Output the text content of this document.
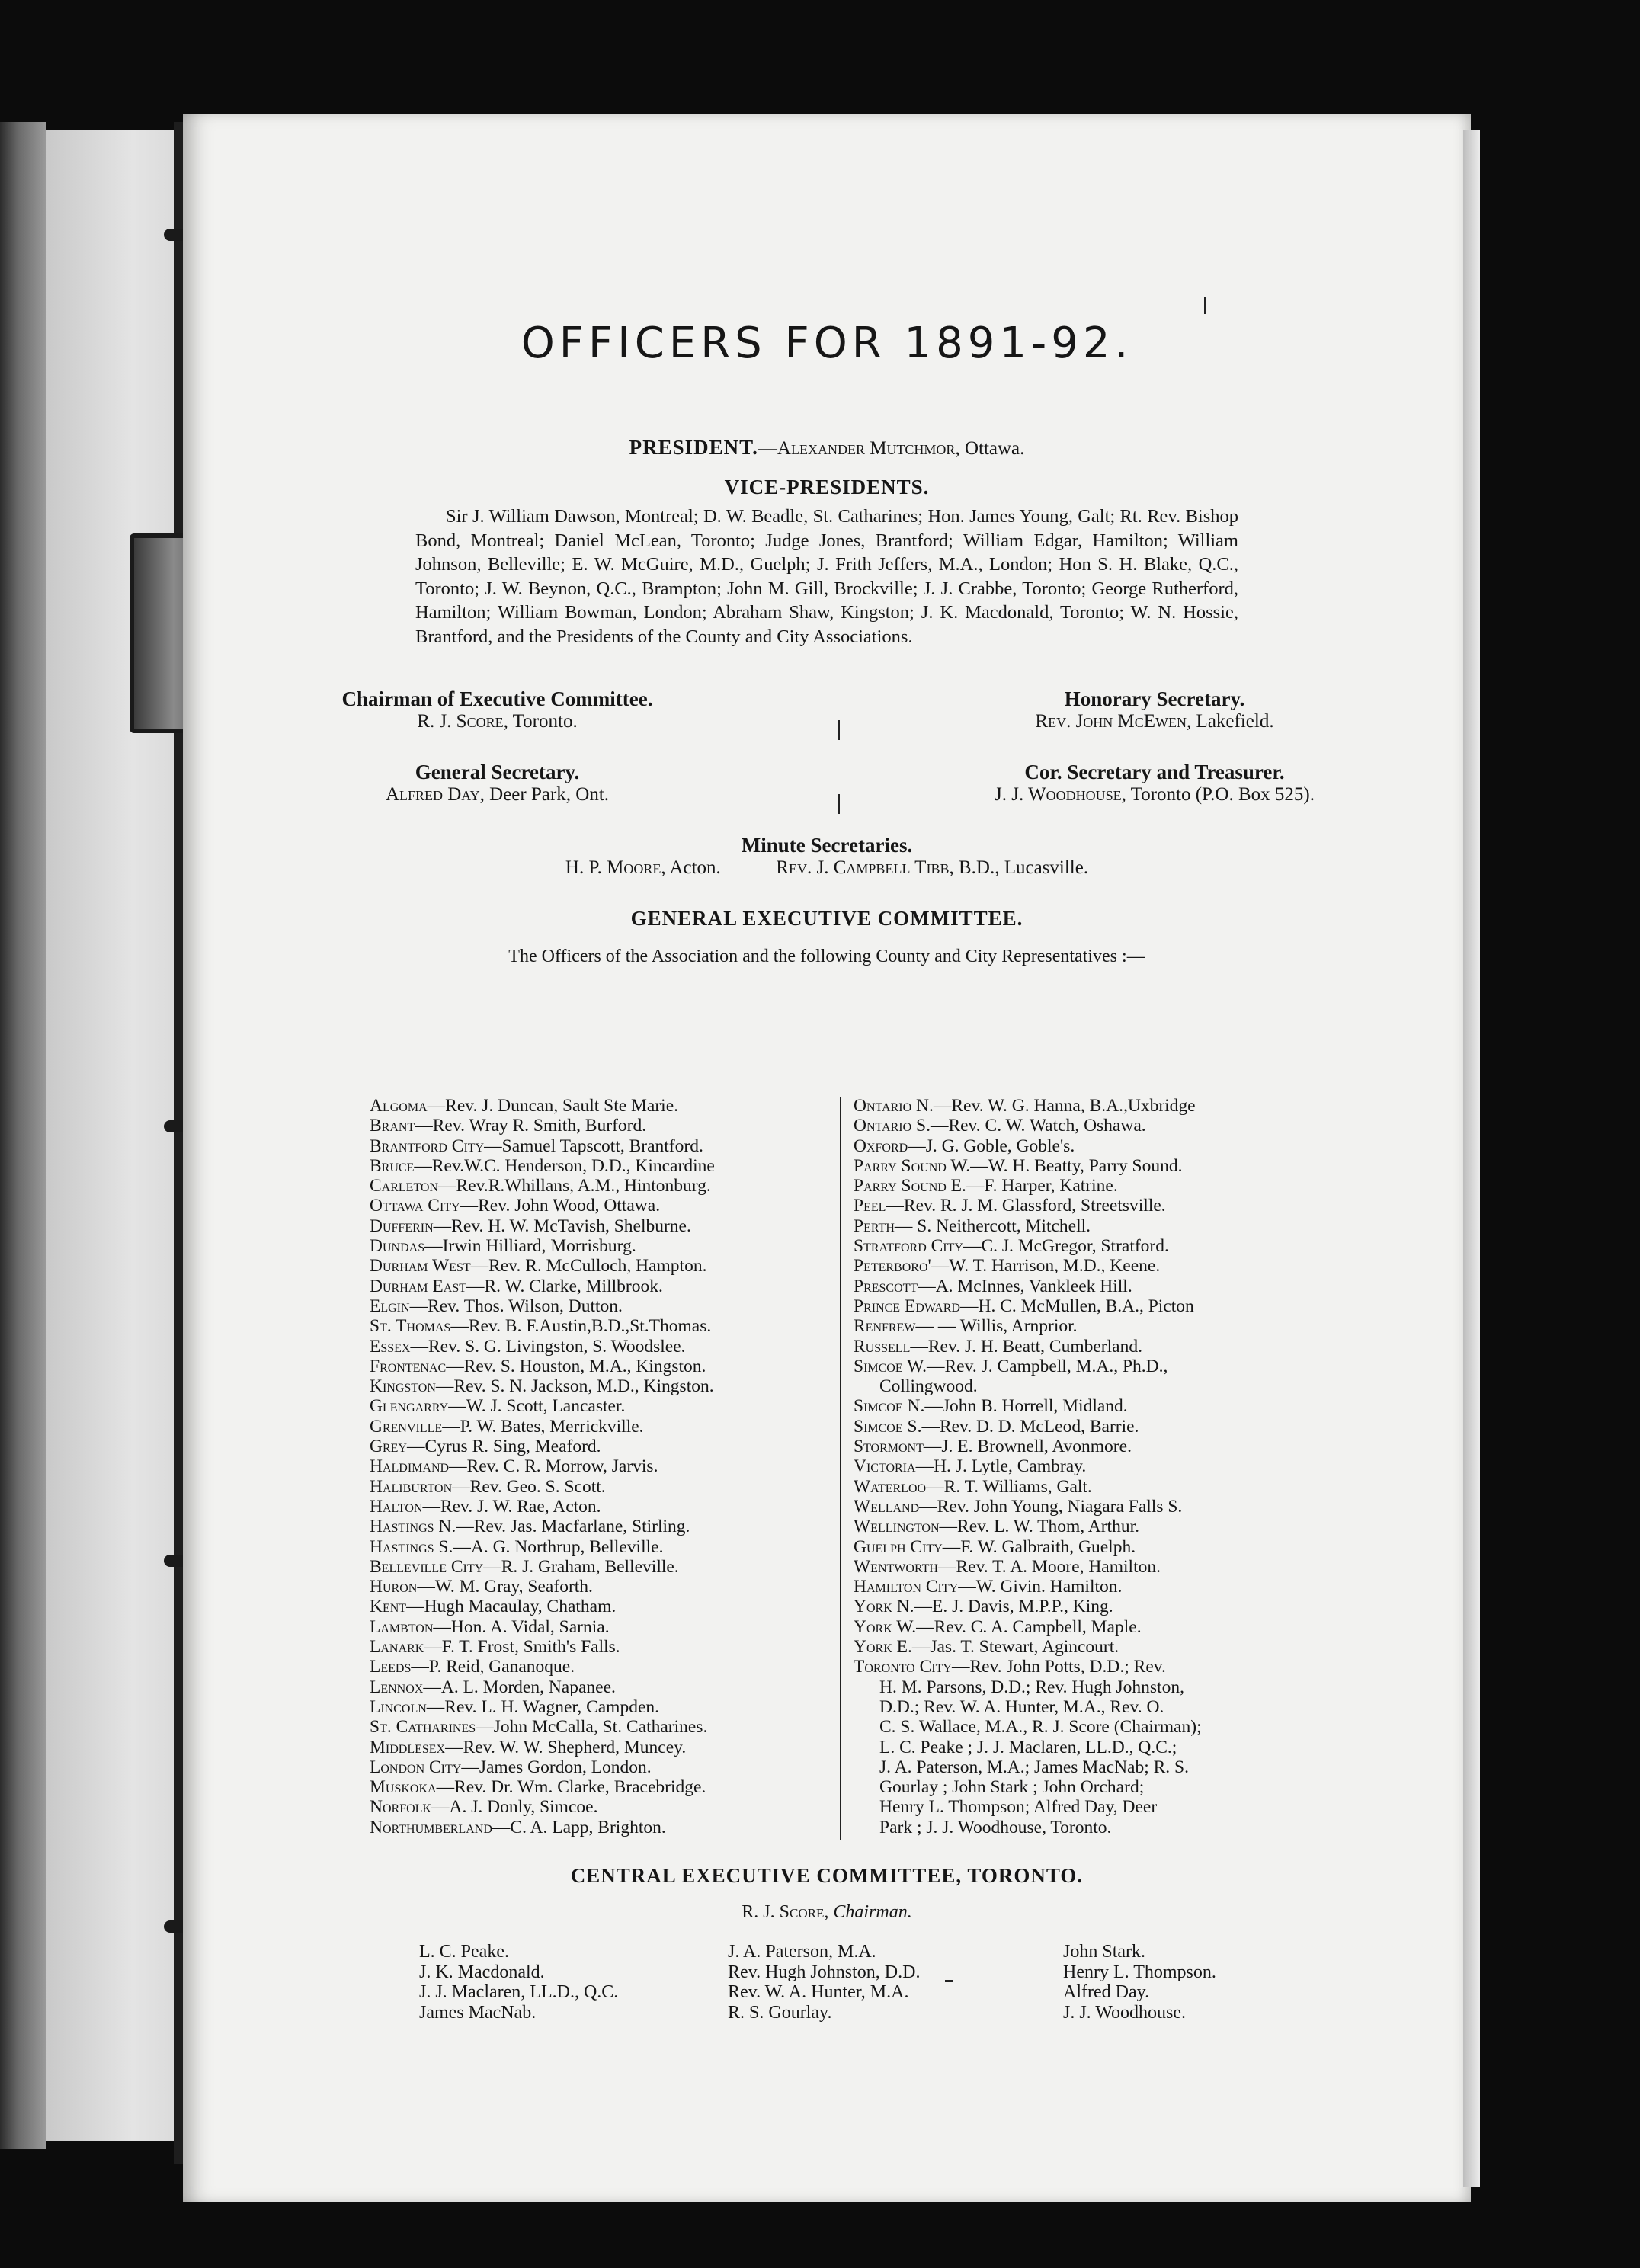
OFFICERS FOR 1891-92.
PRESIDENT.—Alexander Mutchmor, Ottawa.
VICE-PRESIDENTS.
Sir J. William Dawson, Montreal; D. W. Beadle, St. Catharines; Hon. James Young, Galt; Rt. Rev. Bishop Bond, Montreal; Daniel McLean, Toronto; Judge Jones, Brantford; William Edgar, Hamilton; William Johnson, Belleville; E. W. McGuire, M.D., Guelph; J. Frith Jeffers, M.A., London; Hon S. H. Blake, Q.C., Toronto; J. W. Beynon, Q.C., Brampton; John M. Gill, Brockville; J. J. Crabbe, Toronto; George Rutherford, Hamilton; William Bowman, London; Abraham Shaw, Kingston; J. K. Macdonald, Toronto; W. N. Hossie, Brantford, and the Presidents of the County and City Associations.
Chairman of Executive Committee.
R. J. Score, Toronto.
Honorary Secretary.
Rev. John McEwen, Lakefield.
General Secretary.
Alfred Day, Deer Park, Ont.
Cor. Secretary and Treasurer.
J. J. Woodhouse, Toronto (P.O. Box 525).
Minute Secretaries.
H. P. Moore, Acton.	Rev. J. Campbell Tibb, B.D., Lucasville.
GENERAL EXECUTIVE COMMITTEE.
The Officers of the Association and the following County and City Representatives :—
Algoma—Rev. J. Duncan, Sault Ste Marie.
Brant—Rev. Wray R. Smith, Burford.
Brantford City—Samuel Tapscott, Brantford.
Bruce—Rev.W.C. Henderson, D.D., Kincardine
Carleton—Rev.R.Whillans, A.M., Hintonburg.
Ottawa City—Rev. John Wood, Ottawa.
Dufferin—Rev. H. W. McTavish, Shelburne.
Dundas—Irwin Hilliard, Morrisburg.
Durham West—Rev. R. McCulloch, Hampton.
Durham East—R. W. Clarke, Millbrook.
Elgin—Rev. Thos. Wilson, Dutton.
St. Thomas—Rev. B. F.Austin,B.D.,St.Thomas.
Essex—Rev. S. G. Livingston, S. Woodslee.
Frontenac—Rev. S. Houston, M.A., Kingston.
Kingston—Rev. S. N. Jackson, M.D., Kingston.
Glengarry—W. J. Scott, Lancaster.
Grenville—P. W. Bates, Merrickville.
Grey—Cyrus R. Sing, Meaford.
Haldimand—Rev. C. R. Morrow, Jarvis.
Haliburton—Rev. Geo. S. Scott.
Halton—Rev. J. W. Rae, Acton.
Hastings N.—Rev. Jas. Macfarlane, Stirling.
Hastings S.—A. G. Northrup, Belleville.
Belleville City—R. J. Graham, Belleville.
Huron—W. M. Gray, Seaforth.
Kent—Hugh Macaulay, Chatham.
Lambton—Hon. A. Vidal, Sarnia.
Lanark—F. T. Frost, Smith's Falls.
Leeds—P. Reid, Gananoque.
Lennox—A. L. Morden, Napanee.
Lincoln—Rev. L. H. Wagner, Campden.
St. Catharines—John McCalla, St. Catharines.
Middlesex—Rev. W. W. Shepherd, Muncey.
London City—James Gordon, London.
Muskoka—Rev. Dr. Wm. Clarke, Bracebridge.
Norfolk—A. J. Donly, Simcoe.
Northumberland—C. A. Lapp, Brighton.
Ontario N.—Rev. W. G. Hanna, B.A.,Uxbridge
Ontario S.—Rev. C. W. Watch, Oshawa.
Oxford—J. G. Goble, Goble's.
Parry Sound W.—W. H. Beatty, Parry Sound.
Parry Sound E.—F. Harper, Katrine.
Peel—Rev. R. J. M. Glassford, Streetsville.
Perth— S. Neithercott, Mitchell.
Stratford City—C. J. McGregor, Stratford.
Peterboro'—W. T. Harrison, M.D., Keene.
Prescott—A. McInnes, Vankleek Hill.
Prince Edward—H. C. McMullen, B.A., Picton
Renfrew— — Willis, Arnprior.
Russell—Rev. J. H. Beatt, Cumberland.
Simcoe W.—Rev. J. Campbell, M.A., Ph.D.,
Collingwood.
Simcoe N.—John B. Horrell, Midland.
Simcoe S.—Rev. D. D. McLeod, Barrie.
Stormont—J. E. Brownell, Avonmore.
Victoria—H. J. Lytle, Cambray.
Waterloo—R. T. Williams, Galt.
Welland—Rev. John Young, Niagara Falls S.
Wellington—Rev. L. W. Thom, Arthur.
Guelph City—F. W. Galbraith, Guelph.
Wentworth—Rev. T. A. Moore, Hamilton.
Hamilton City—W. Givin. Hamilton.
York N.—E. J. Davis, M.P.P., King.
York W.—Rev. C. A. Campbell, Maple.
York E.—Jas. T. Stewart, Agincourt.
Toronto City—Rev. John Potts, D.D.; Rev.
H. M. Parsons, D.D.; Rev. Hugh Johnston,
D.D.; Rev. W. A. Hunter, M.A., Rev. O.
C. S. Wallace, M.A., R. J. Score (Chairman);
L. C. Peake ; J. J. Maclaren, LL.D., Q.C.;
J. A. Paterson, M.A.; James MacNab; R. S.
Gourlay ; John Stark ; John Orchard;
Henry L. Thompson; Alfred Day, Deer
Park ; J. J. Woodhouse, Toronto.
CENTRAL EXECUTIVE COMMITTEE, TORONTO.
R. J. Score, Chairman.
L. C. Peake.
J. K. Macdonald.
J. J. Maclaren, LL.D., Q.C.
James MacNab.
J. A. Paterson, M.A.
Rev. Hugh Johnston, D.D.
Rev. W. A. Hunter, M.A.
R. S. Gourlay.
John Stark.
Henry L. Thompson.
Alfred Day.
J. J. Woodhouse.
